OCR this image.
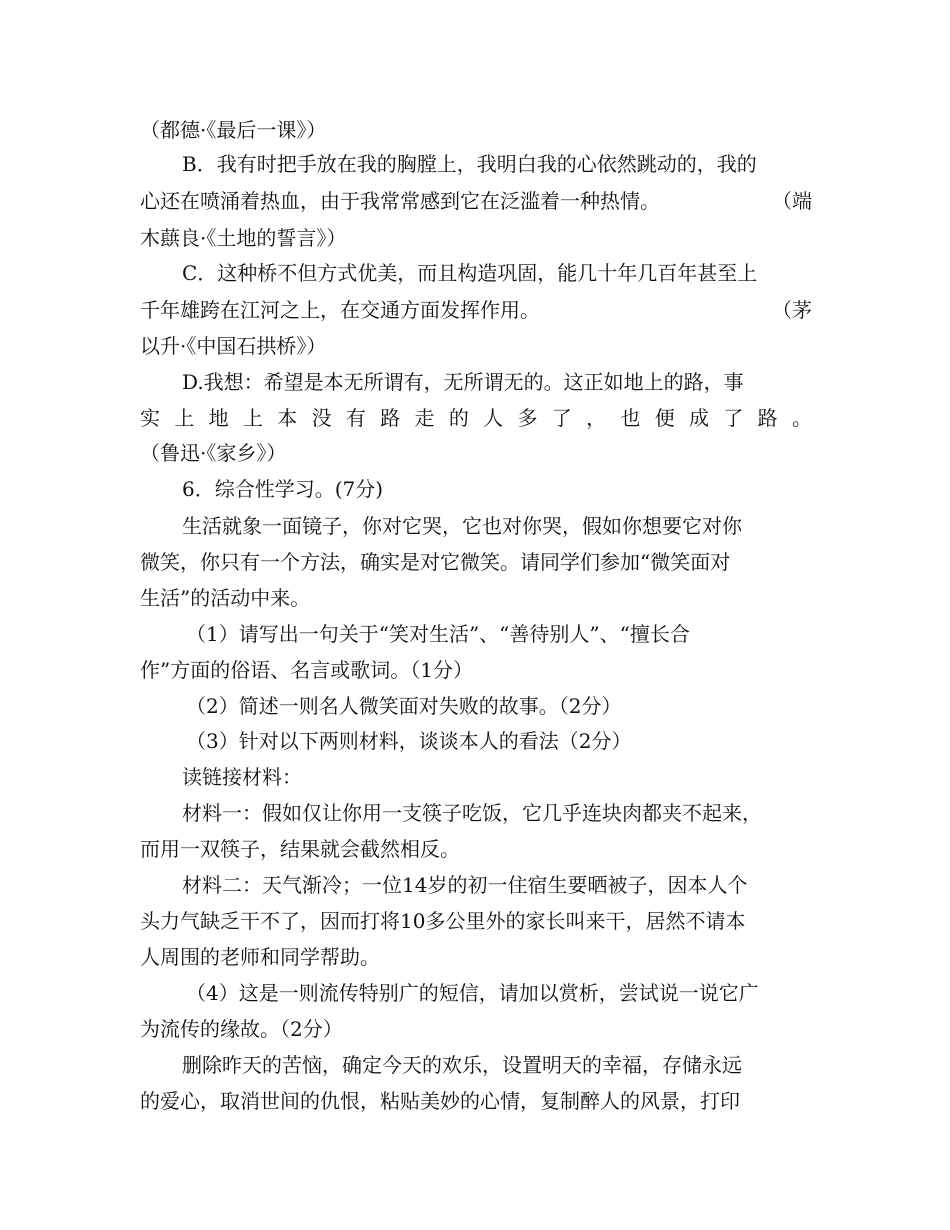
（都德·《最后一课》）
B．我有时把手放在我的胸膛上，我明白我的心依然跳动的，我的
心还在喷涌着热血，由于我常常感到它在泛滥着一种热情。	（端
木蕻良·《土地的誓言》）
C．这种桥不但方式优美，而且构造巩固，能几十年几百年甚至上
千年雄跨在江河之上，在交通方面发挥作用。	（茅
以升·《中国石拱桥》）
D.我想：希望是本无所谓有，无所谓无的。这正如地上的路，事
实 上 地 上 本 没 有 路 走 的 人 多 了 ， 也 便 成 了 路 。
（鲁迅·《家乡》）
6．综合性学习。(7分)
生活就象一面镜子，你对它哭，它也对你哭，假如你想要它对你
微笑，你只有一个方法，确实是对它微笑。请同学们参加“微笑面对
生活”的活动中来。
（1）请写出一句关于“笑对生活”、“善待别人”、“擅长合
作”方面的俗语、名言或歌词。（1分）
（2）简述一则名人微笑面对失败的故事。（2分）
（3）针对以下两则材料，谈谈本人的看法（2分）
读链接材料：
材料一：假如仅让你用一支筷子吃饭，它几乎连块肉都夹不起来，
而用一双筷子，结果就会截然相反。
材料二：天气渐冷；一位14岁的初一住宿生要晒被子，因本人个
头力气缺乏干不了，因而打将10多公里外的家长叫来干，居然不请本
人周围的老师和同学帮助。
（4）这是一则流传特别广的短信，请加以赏析，尝试说一说它广
为流传的缘故。（2分）
删除昨天的苦恼，确定今天的欢乐，设置明天的幸福，存储永远
的爱心，取消世间的仇恨，粘贴美妙的心情，复制醉人的风景，打印
